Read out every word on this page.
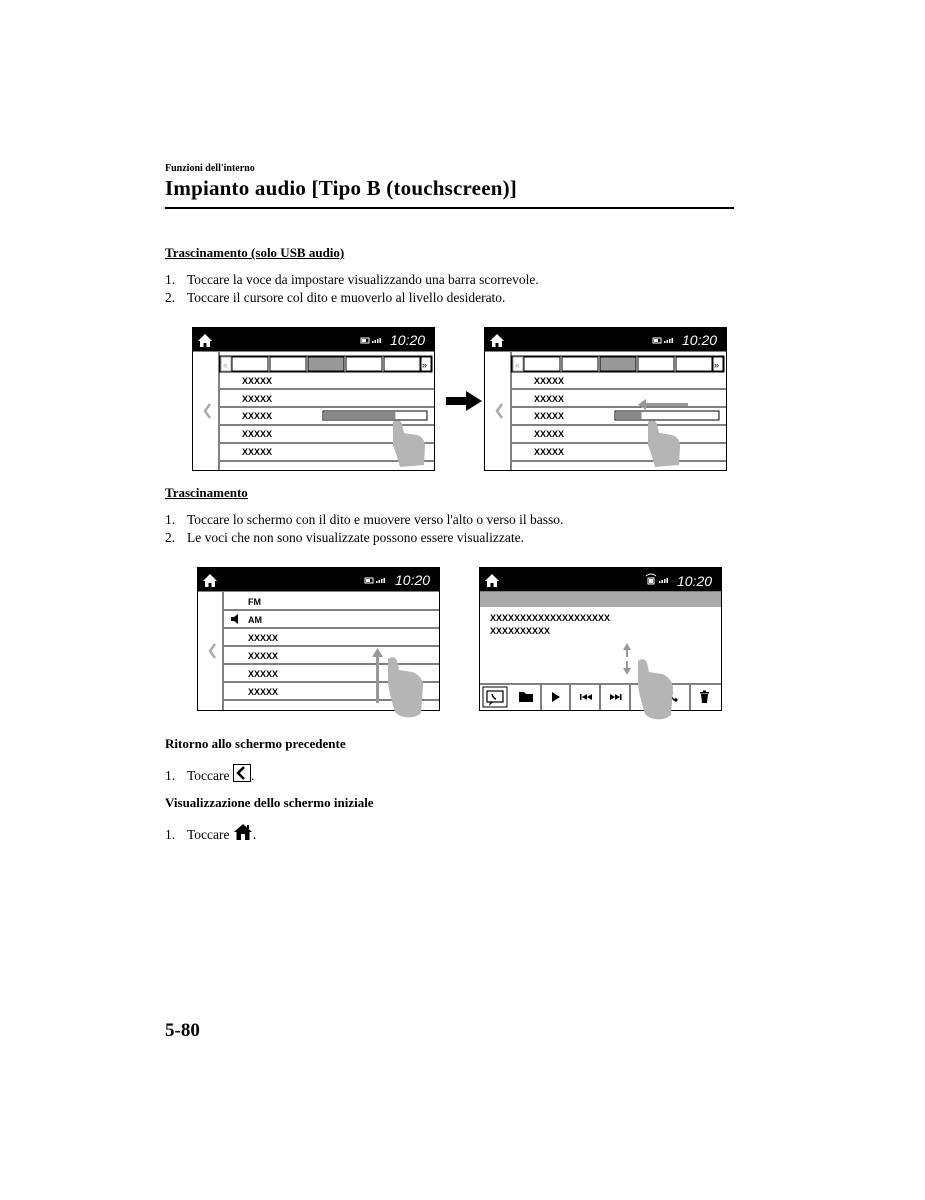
Funzioni dell'interno
Impianto audio [Tipo B (touchscreen)]
Trascinamento (solo USB audio)
1. Toccare la voce da impostare visualizzando una barra scorrevole.
2. Toccare il cursore col dito e muoverlo al livello desiderato.
10:20
«	»
XXXXX
XXXXX
XXXXX
XXXXX
XXXXX
10:20
«	»
XXXXX
XXXXX
XXXXX
XXXXX
XXXXX
Trascinamento
1. Toccare lo schermo con il dito e muovere verso l'alto o verso il basso.
2. Le voci che non sono visualizzate possono essere visualizzate.
10:20
FM
AM
XXXXX
XXXXX
XXXXX
XXXXX
10:20
XXXXXXXXXXXXXXXXXXXX
XXXXXXXXXX
Ritorno allo schermo precedente
1. Toccare .
Visualizzazione dello schermo iniziale
1. Toccare .
5-80
